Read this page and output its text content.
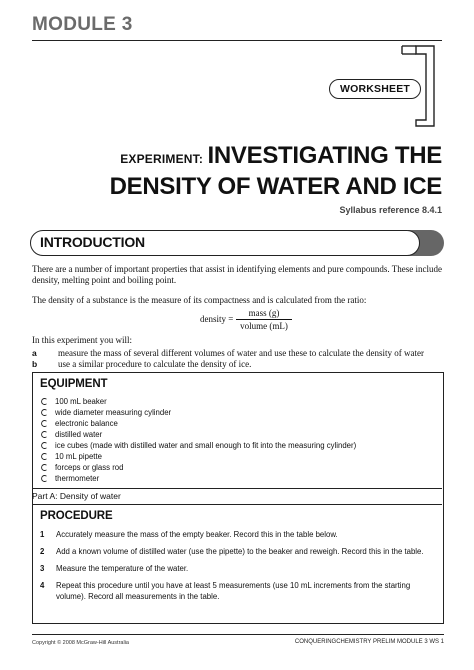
MODULE 3
1
WORKSHEET
EXPERIMENT: INVESTIGATING THE
DENSITY OF WATER AND ICE
Syllabus reference 8.4.1
INTRODUCTION

There are a number of important properties that assist in identifying elements and pure compounds. These include density, melting point and boiling point.

The density of a substance is the measure of its compactness and is calculated from the ratio:

density =
mass (g)
volume (mL)

In this experiment you will:

a measure the mass of several different volumes of water and use these to calculate the density of water
b use a similar procedure to calculate the density of ice.
EQUIPMENT
100 mL beaker
wide diameter measuring cylinder
electronic balance
distilled water
ice cubes (made with distilled water and small enough to fit into the measuring cylinder)
10 mL pipette
forceps or glass rod
thermometer
Part A: Density of water
PROCEDURE
1 Accurately measure the mass of the empty beaker. Record this in the table below.
2 Add a known volume of distilled water (use the pipette) to the beaker and reweigh. Record this in the table.
3 Measure the temperature of the water.
4 Repeat this procedure until you have at least 5 measurements (use 10 mL increments from the starting volume). Record all measurements in the table.
Copyright © 2008 McGraw-Hill Australia	CONQUERINGCHEMISTRY PRELIM MODULE 3 WS 1
